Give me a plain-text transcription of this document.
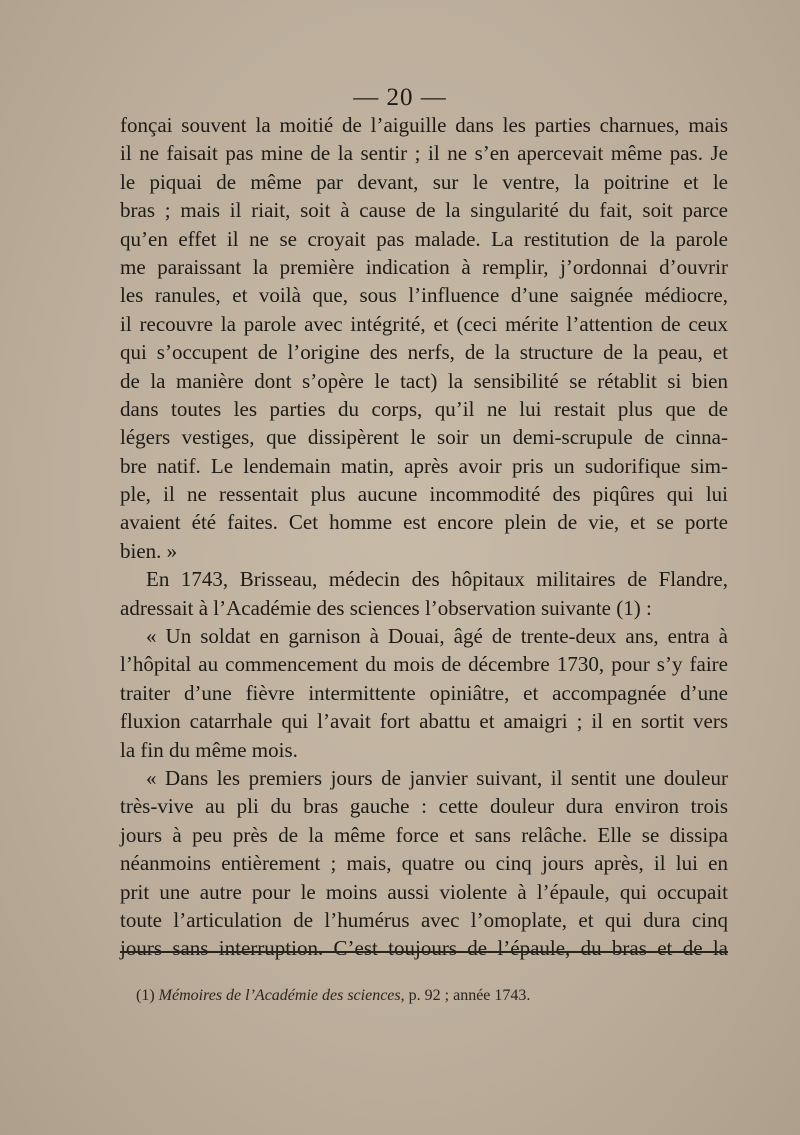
— 20 —
fonçai souvent la moitié de l’aiguille dans les parties charnues, mais
il ne faisait pas mine de la sentir ; il ne s’en apercevait même pas. Je
le piquai de même par devant, sur le ventre, la poitrine et le
bras ; mais il riait, soit à cause de la singularité du fait, soit parce
qu’en effet il ne se croyait pas malade. La restitution de la parole
me paraissant la première indication à remplir, j’ordonnai d’ouvrir
les ranules, et voilà que, sous l’influence d’une saignée médiocre,
il recouvre la parole avec intégrité, et (ceci mérite l’attention de ceux
qui s’occupent de l’origine des nerfs, de la structure de la peau, et
de la manière dont s’opère le tact) la sensibilité se rétablit si bien
dans toutes les parties du corps, qu’il ne lui restait plus que de
légers vestiges, que dissipèrent le soir un demi-scrupule de cinna-
bre natif. Le lendemain matin, après avoir pris un sudorifique sim-
ple, il ne ressentait plus aucune incommodité des piqûres qui lui
avaient été faites. Cet homme est encore plein de vie, et se porte
bien. »
En 1743, Brisseau, médecin des hôpitaux militaires de Flandre,
adressait à l’Académie des sciences l’observation suivante (1) :
« Un soldat en garnison à Douai, âgé de trente-deux ans, entra à
l’hôpital au commencement du mois de décembre 1730, pour s’y faire
traiter d’une fièvre intermittente opiniâtre, et accompagnée d’une
fluxion catarrhale qui l’avait fort abattu et amaigri ; il en sortit vers
la fin du même mois.
« Dans les premiers jours de janvier suivant, il sentit une douleur
très-vive au pli du bras gauche : cette douleur dura environ trois
jours à peu près de la même force et sans relâche. Elle se dissipa
néanmoins entièrement ; mais, quatre ou cinq jours après, il lui en
prit une autre pour le moins aussi violente à l’épaule, qui occupait
toute l’articulation de l’humérus avec l’omoplate, et qui dura cinq
jours sans interruption. C’est toujours de l’épaule, du bras et de la
(1) Mémoires de l’Académie des sciences, p. 92 ; année 1743.
